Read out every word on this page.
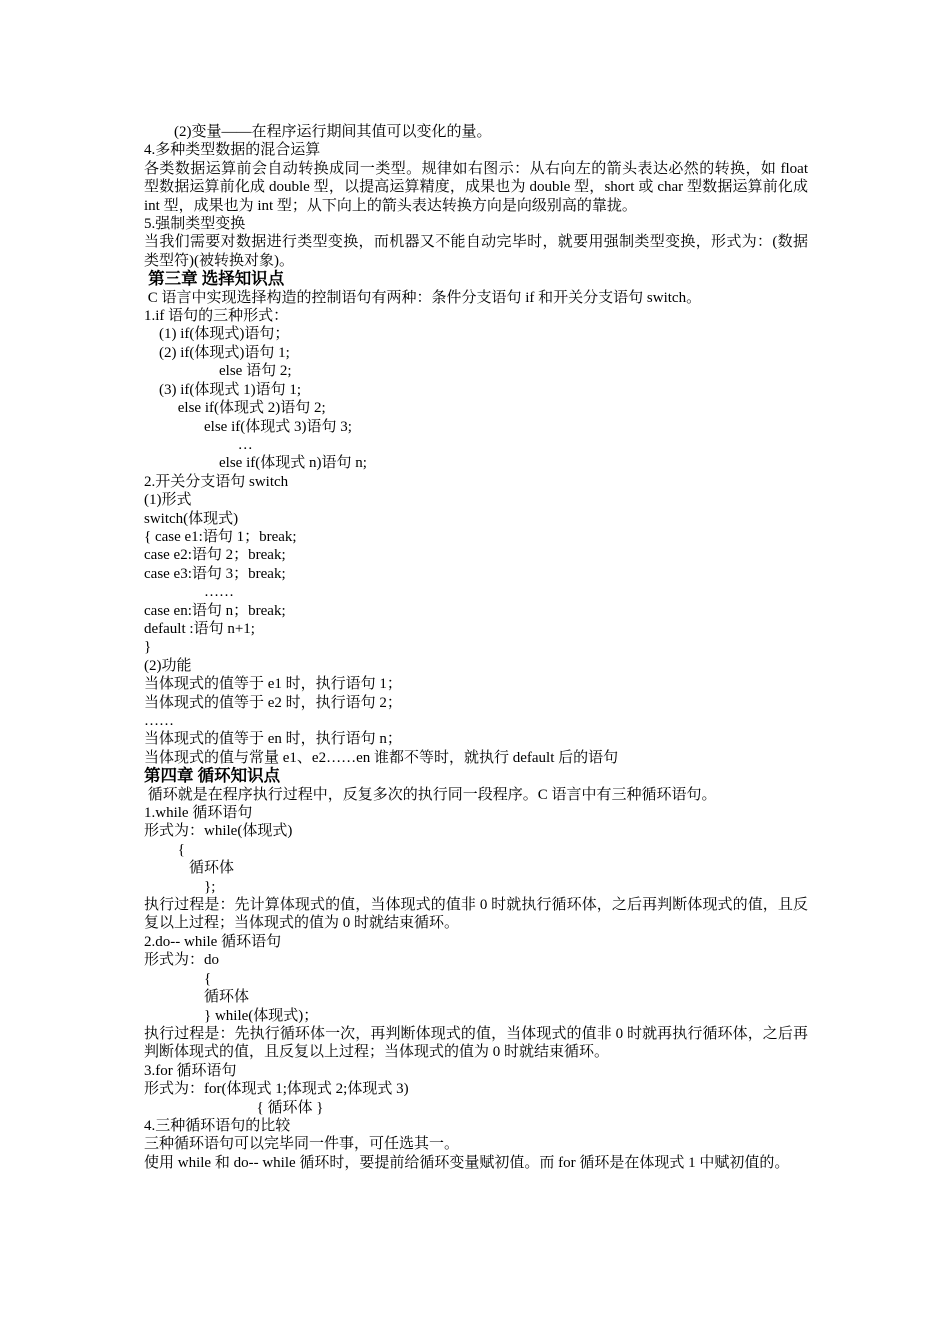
(2)变量——在程序运行期间其值可以变化的量。
4.多种类型数据的混合运算
各类数据运算前会自动转换成同一类型。规律如右图示：从右向左的箭头表达必然的转换，如 float 型数据运算前化成 double 型，以提高运算精度，成果也为 double 型，short 或 char 型数据运算前化成 int 型，成果也为 int 型；从下向上的箭头表达转换方向是向级别高的靠拢。
5.强制类型变换
当我们需要对数据进行类型变换，而机器又不能自动完毕时，就要用强制类型变换，形式为：(数据类型符)(被转换对象)。
第三章 选择知识点
C 语言中实现选择构造的控制语句有两种：条件分支语句 if 和开关分支语句 switch。
1.if 语句的三种形式：
(1) if(体现式)语句；
(2) if(体现式)语句 1;
else 语句 2;
(3) if(体现式 1)语句 1;
else if(体现式 2)语句 2;
else if(体现式 3)语句 3;
…
else if(体现式 n)语句 n;
2.开关分支语句 switch
(1)形式
switch(体现式)
{ case e1:语句 1；break;
case e2:语句 2；break;
case e3:语句 3；break;
……
case en:语句 n；break;
default :语句 n+1;
}
(2)功能
当体现式的值等于 e1 时，执行语句 1；
当体现式的值等于 e2 时，执行语句 2；
……
当体现式的值等于 en 时，执行语句 n；
当体现式的值与常量 e1、e2……en 谁都不等时，就执行 default 后的语句
第四章 循环知识点
循环就是在程序执行过程中，反复多次的执行同一段程序。C 语言中有三种循环语句。
1.while 循环语句
形式为：while(体现式)
{
循环体
};
执行过程是：先计算体现式的值，当体现式的值非 0 时就执行循环体，之后再判断体现式的值，且反复以上过程；当体现式的值为 0 时就结束循环。
2.do-- while 循环语句
形式为：do
{
循环体
} while(体现式)；
执行过程是：先执行循环体一次，再判断体现式的值，当体现式的值非 0 时就再执行循环体，之后再判断体现式的值，且反复以上过程；当体现式的值为 0 时就结束循环。
3.for 循环语句
形式为：for(体现式 1;体现式 2;体现式 3)
{ 循环体 }
4.三种循环语句的比较
三种循环语句可以完毕同一件事，可任选其一。
使用 while 和 do-- while 循环时，要提前给循环变量赋初值。而 for 循环是在体现式 1 中赋初值的。
